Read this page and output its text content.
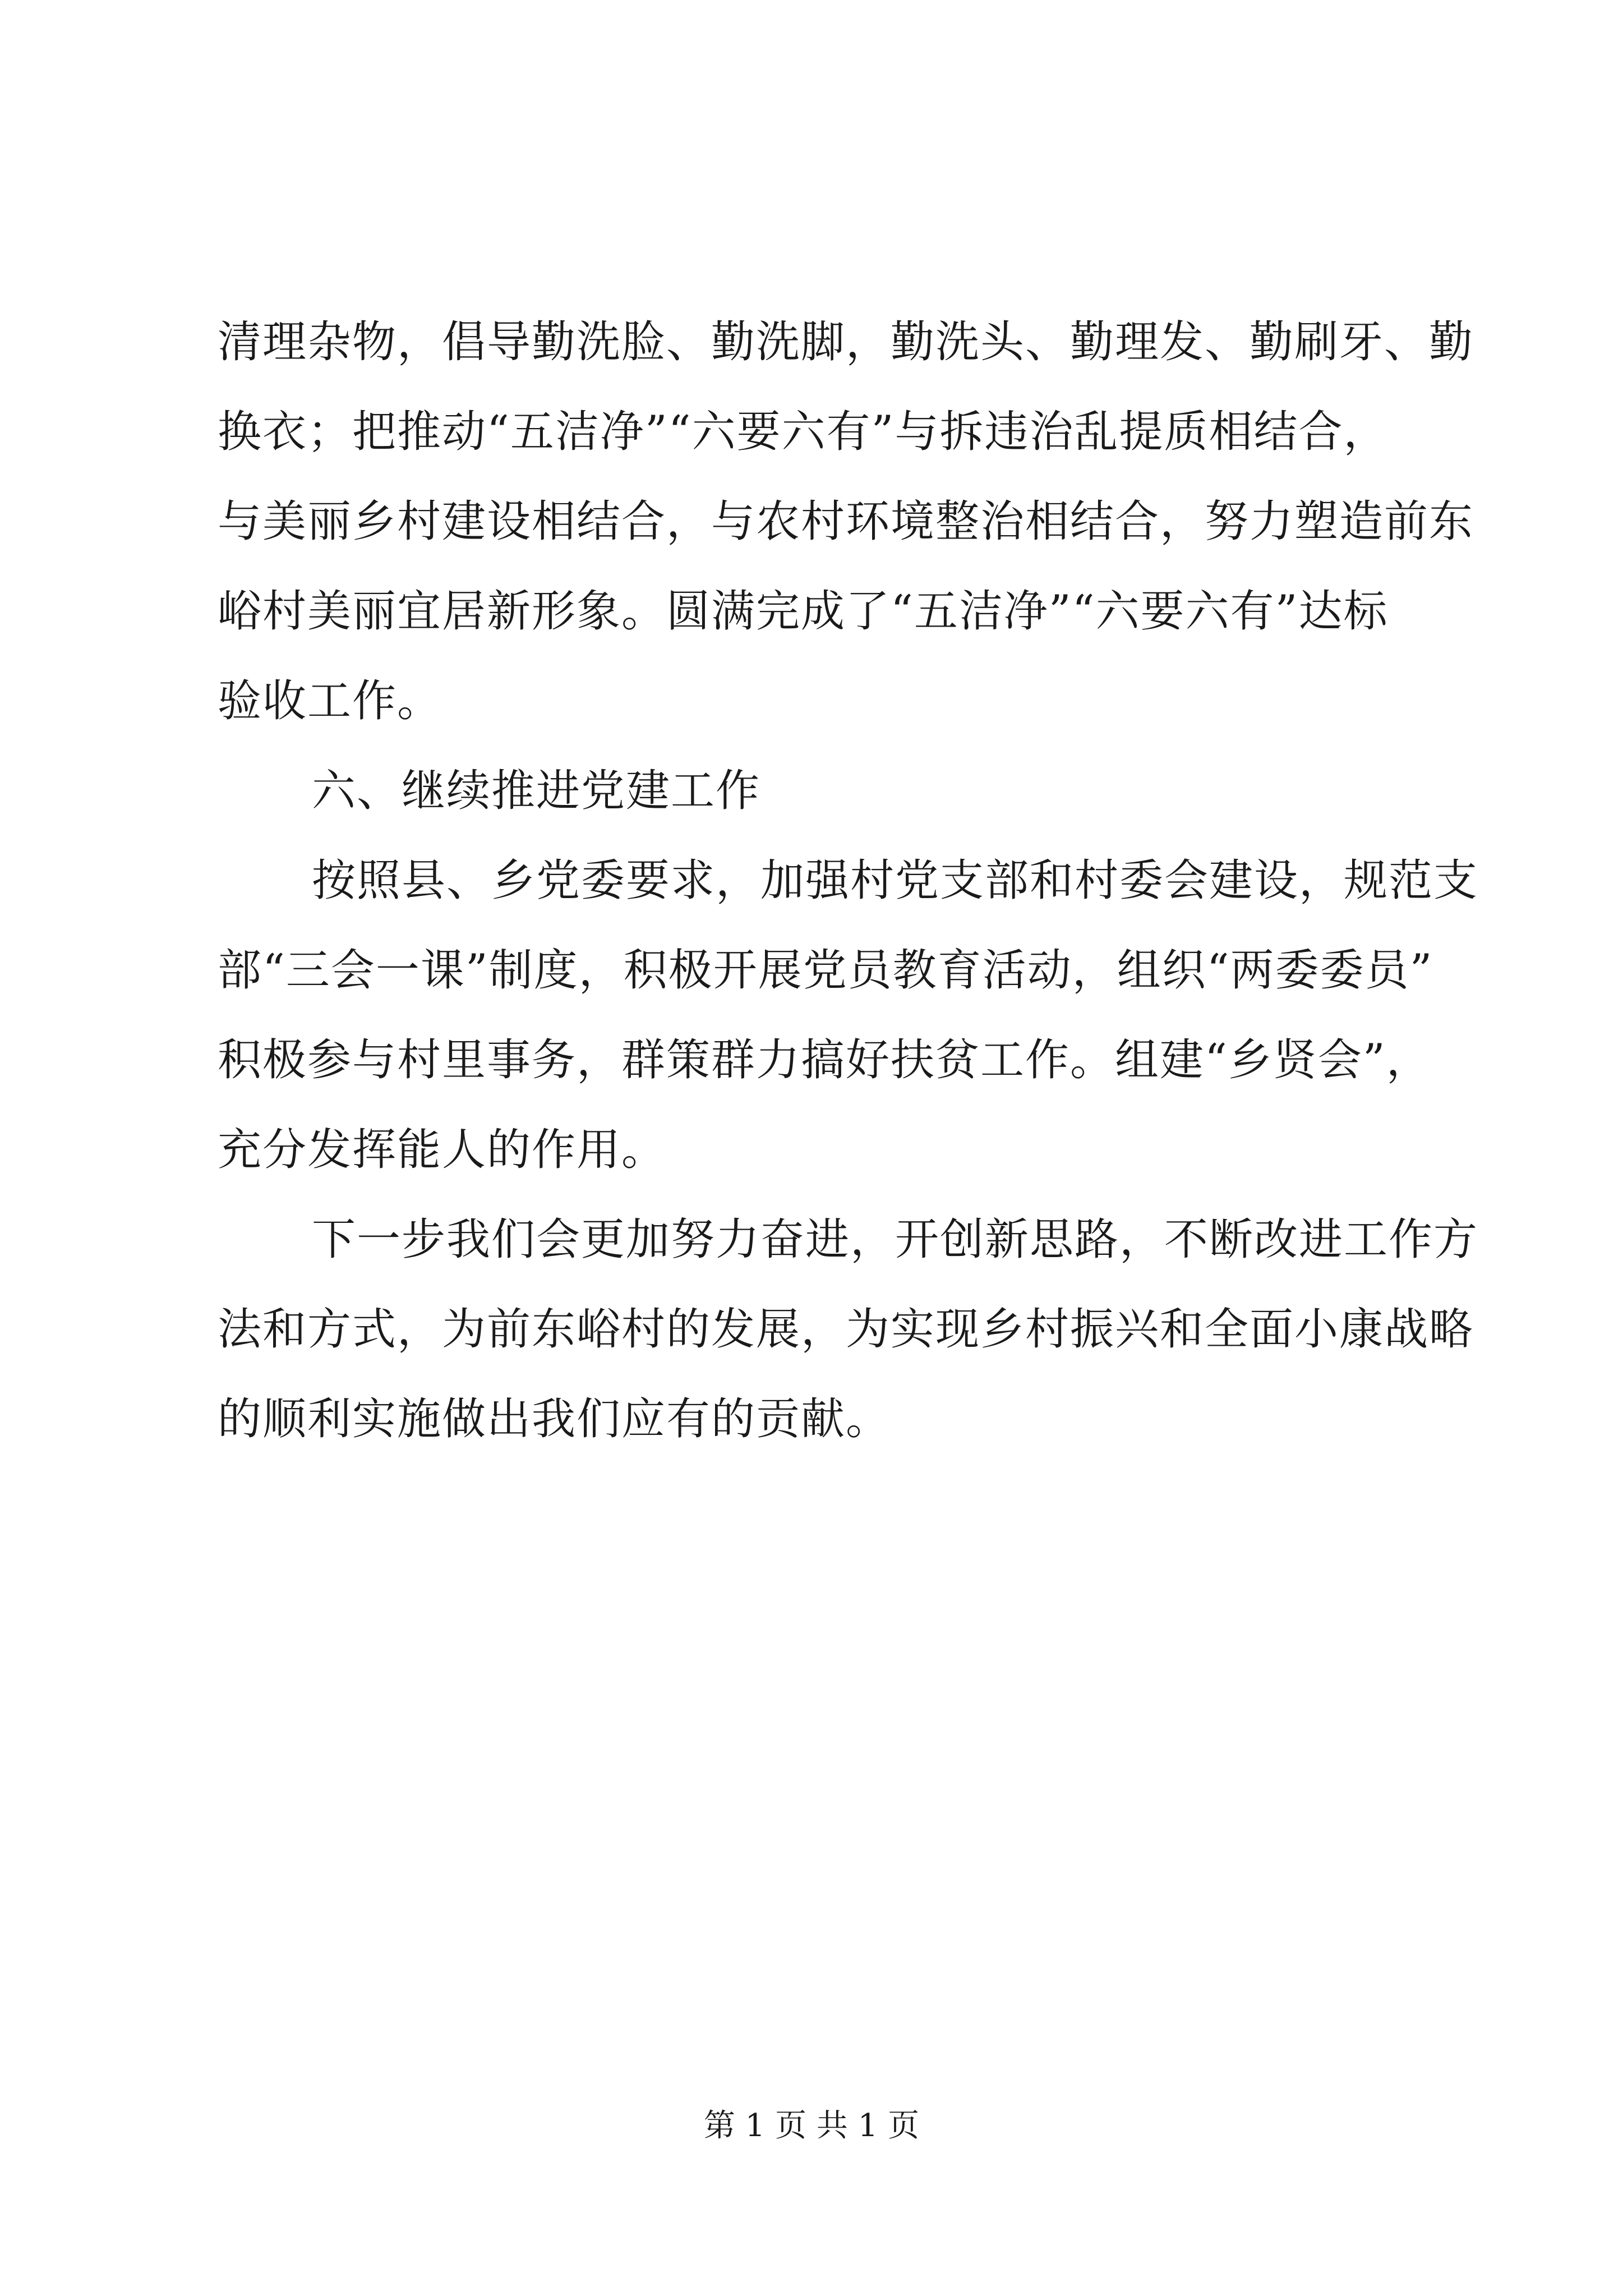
清理杂物，倡导勤洗脸、勤洗脚，勤洗头、勤理发、勤刷牙、勤
换衣；把推动“五洁净”“六要六有”与拆违治乱提质相结合，
与美丽乡村建设相结合，与农村环境整治相结合，努力塑造前东
峪村美丽宜居新形象。圆满完成了“五洁净”“六要六有”达标
验收工作。
六、继续推进党建工作
按照县、乡党委要求，加强村党支部和村委会建设，规范支
部“三会一课”制度，积极开展党员教育活动，组织“两委委员”
积极参与村里事务，群策群力搞好扶贫工作。组建“乡贤会”，
充分发挥能人的作用。
下一步我们会更加努力奋进，开创新思路，不断改进工作方
法和方式，为前东峪村的发展，为实现乡村振兴和全面小康战略
的顺利实施做出我们应有的贡献。
第 1 页 共 1 页
